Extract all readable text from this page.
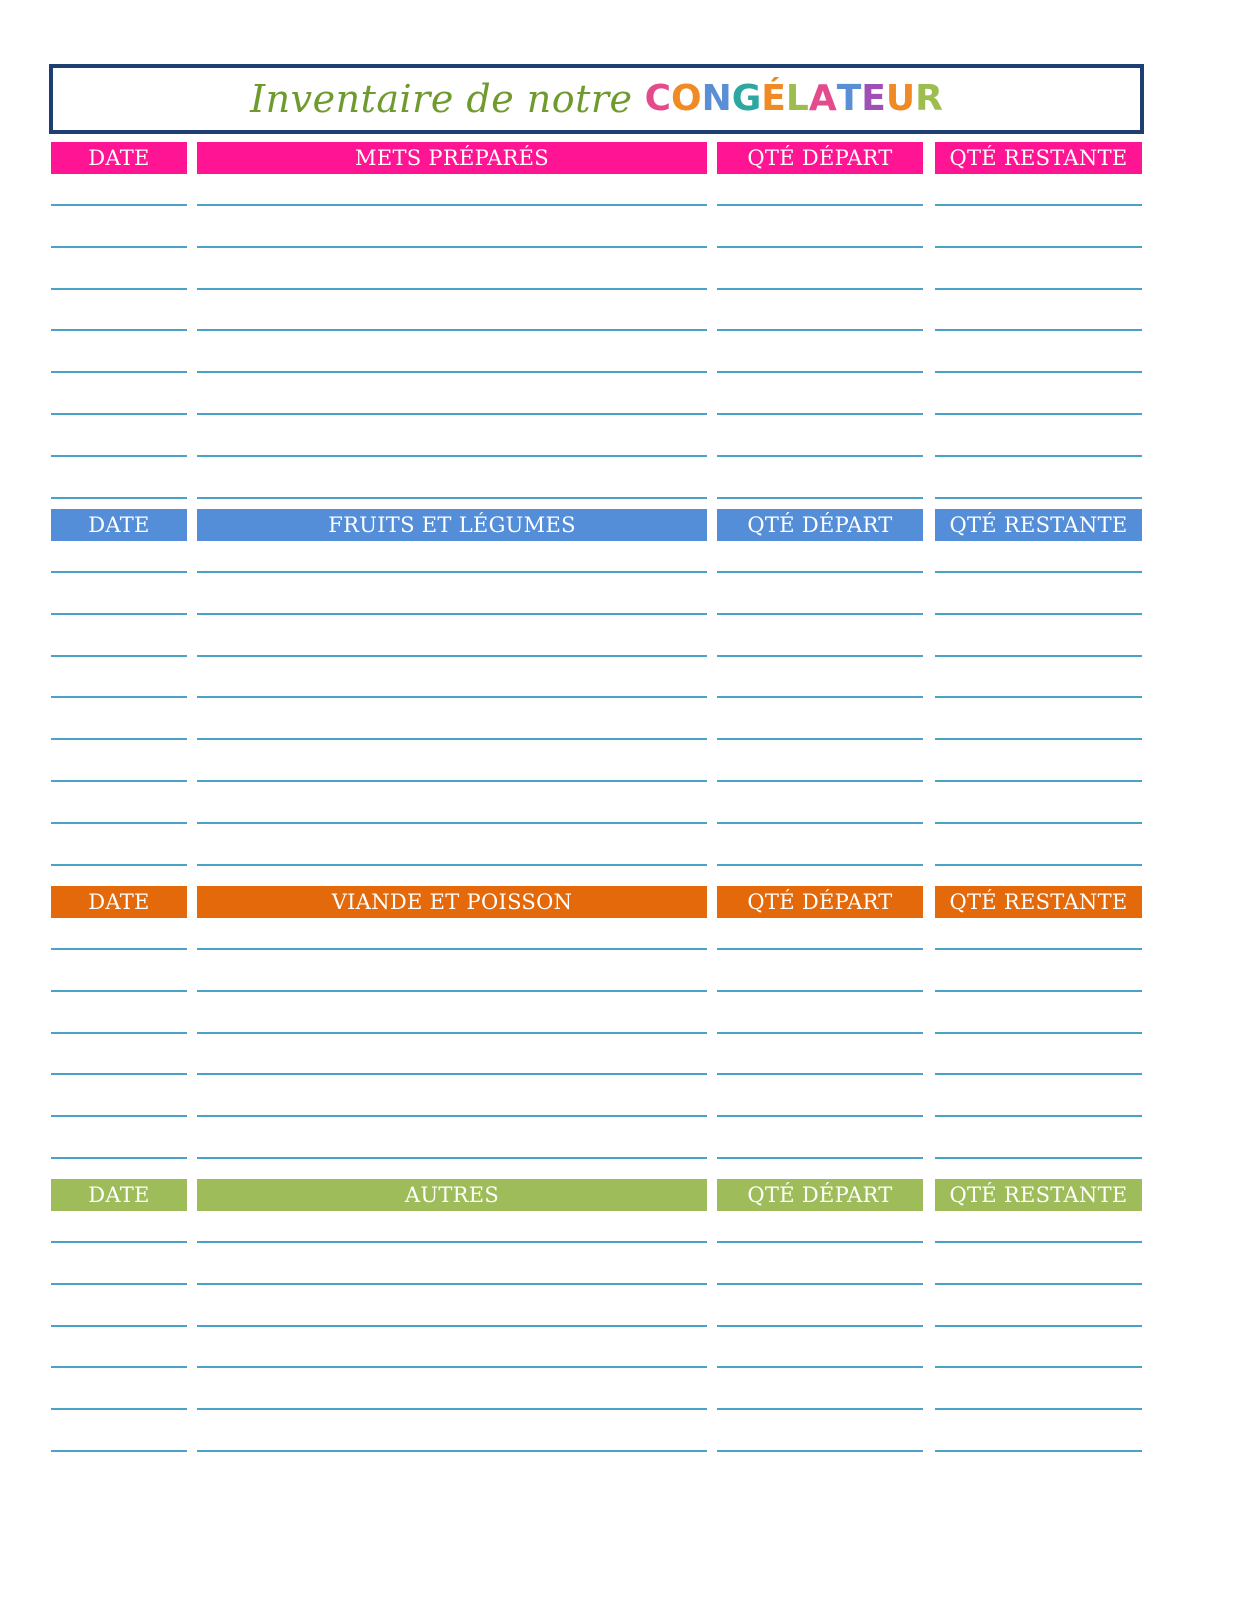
Inventaire de notre C O N G É L A T E U R
DATE	METS PRÉPARÉS	QTÉ DÉPART	QTÉ RESTANTE
DATE	FRUITS ET LÉGUMES	QTÉ DÉPART	QTÉ RESTANTE
DATE	VIANDE ET POISSON	QTÉ DÉPART	QTÉ RESTANTE
DATE	AUTRES	QTÉ DÉPART	QTÉ RESTANTE
